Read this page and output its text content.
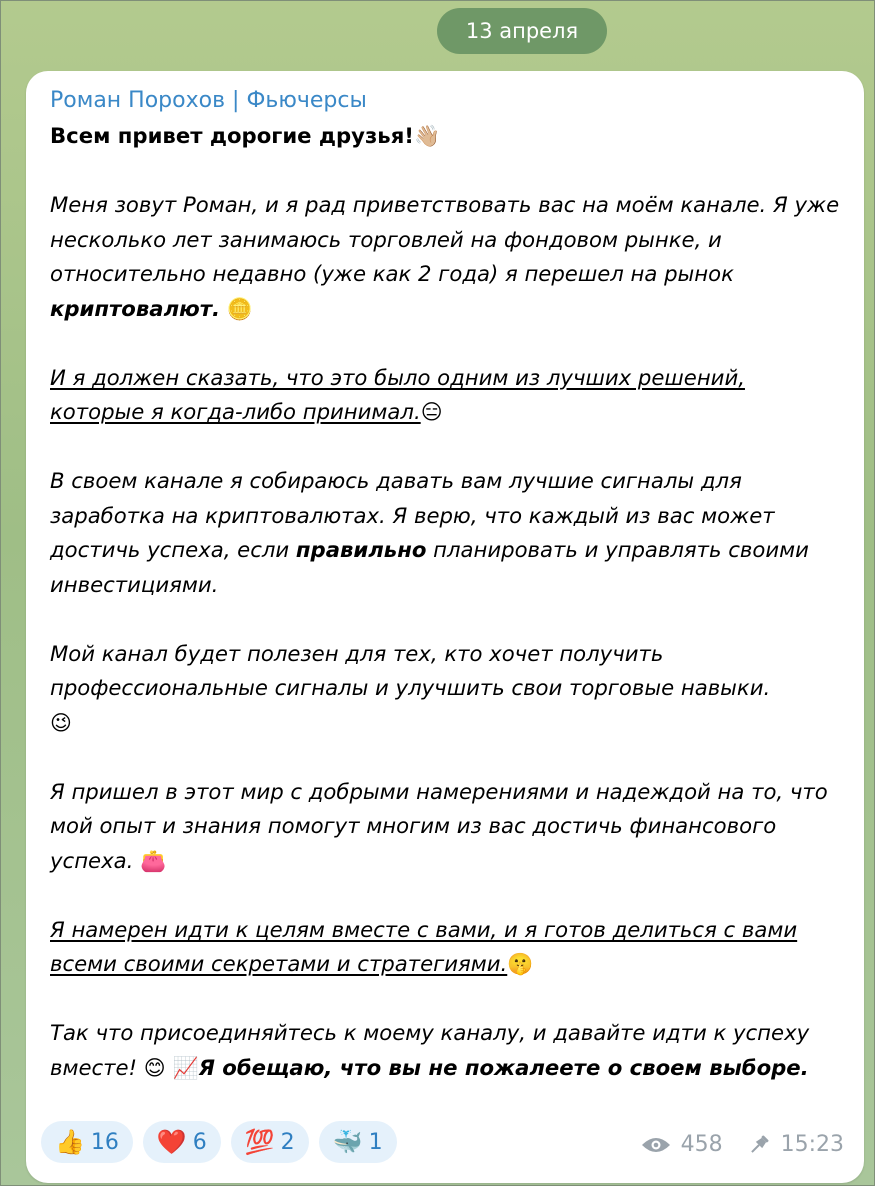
13 апреля
Роман Порохов | Фьючерсы

Всем привет дорогие друзья!👋🏼

Меня зовут Роман, и я рад приветствовать вас на моём канале. Я уже несколько лет занимаюсь торговлей на фондовом рынке, и относительно недавно (уже как 2 года) я перешел на рынок криптовалют. 🪙

И я должен сказать, что это было одним из лучших решений, которые я когда-либо принимал.😑

В своем канале я собираюсь давать вам лучшие сигналы для заработка на криптовалютах. Я верю, что каждый из вас может достичь успеха, если правильно планировать и управлять своими инвестициями.

Мой канал будет полезен для тех, кто хочет получить профессиональные сигналы и улучшить свои торговые навыки.
😉

Я пришел в этот мир с добрыми намерениями и надеждой на то, что мой опыт и знания помогут многим из вас достичь финансового успеха. 👛

Я намерен идти к целям вместе с вами, и я готов делиться с вами всеми своими секретами и стратегиями.🤫

Так что присоединяйтесь к моему каналу, и давайте идти к успеху вместе! 😊 📈Я обещаю, что вы не пожалеете о своем выборе.

👍 16 ❤️ 6 💯 2 🐳 1	458	15:23
